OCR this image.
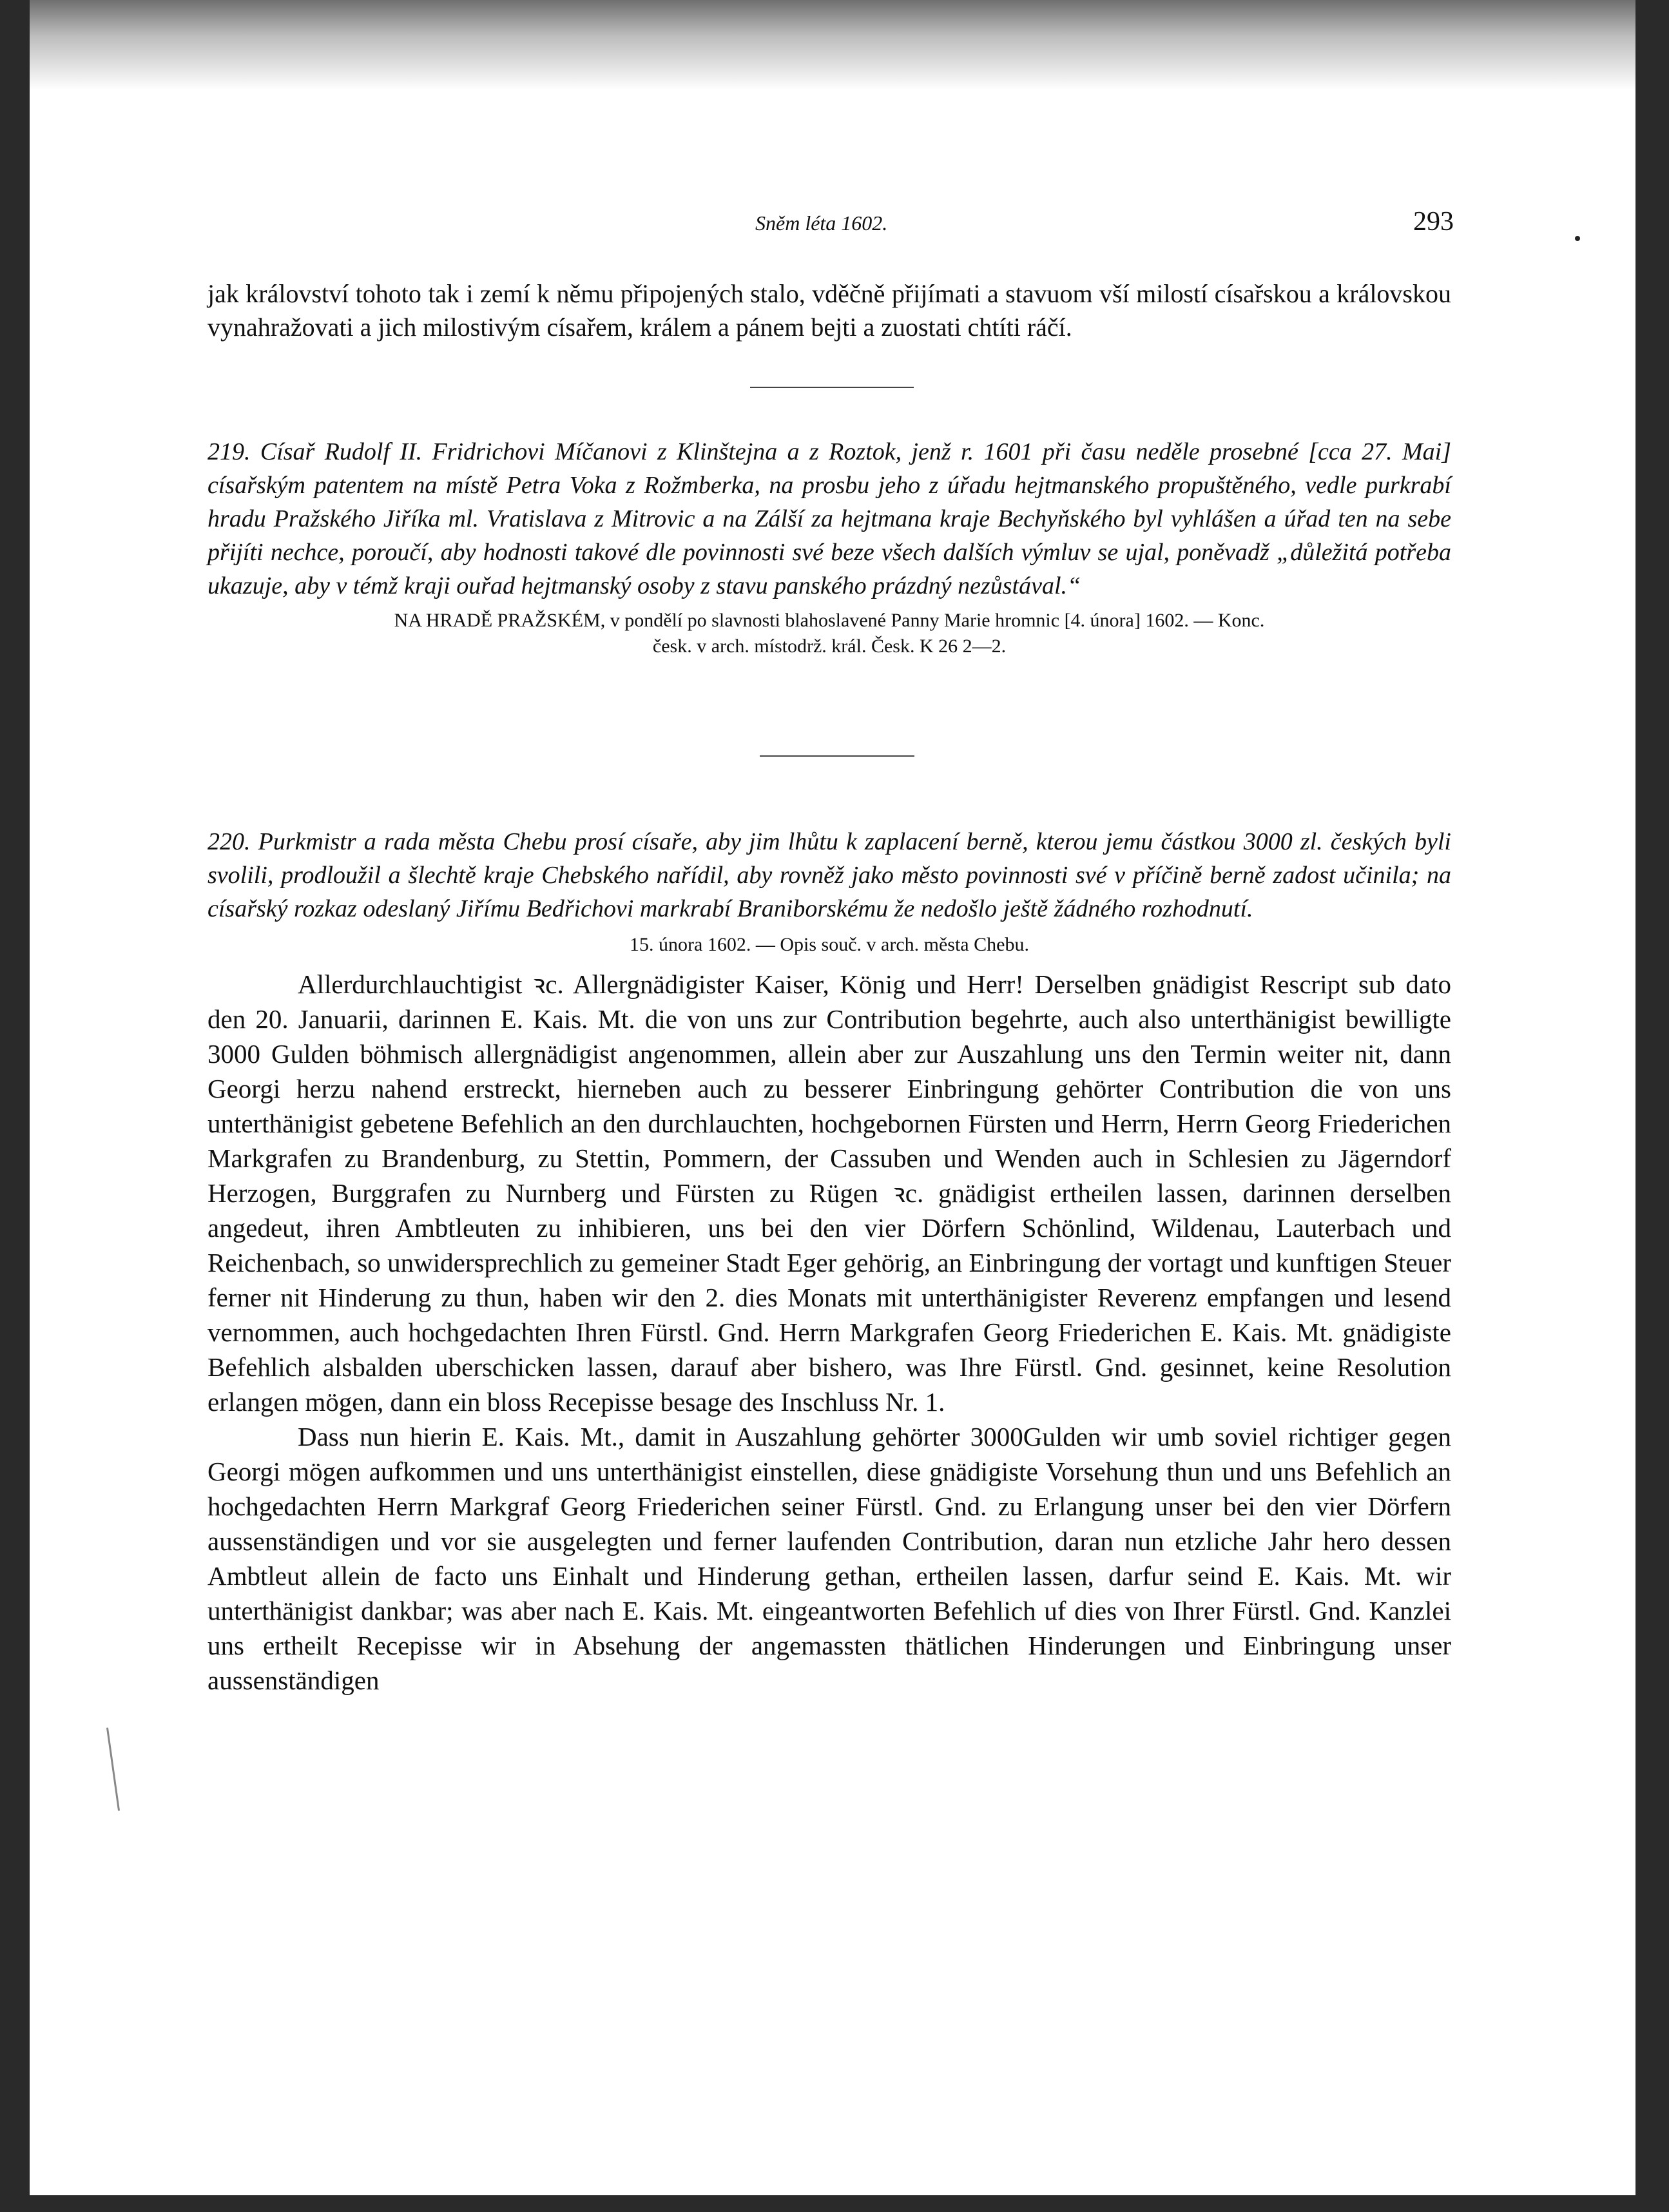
Sněm léta 1602.	293

jak království tohoto tak i zemí k němu připojených stalo, vděčně přijímati a stavuom vší milostí císařskou a královskou vynahražovati a jich milostivým císařem, králem a pánem bejti a zuostati chtíti ráčí.

219. Císař Rudolf II. Fridrichovi Míčanovi z Klinštejna a z Roztok, jenž r. 1601 při času neděle prosebné [cca 27. Mai] císařským patentem na místě Petra Voka z Rožmberka, na prosbu jeho z úřadu hejtmanského propuštěného, vedle purkrabí hradu Pražského Jiříka ml. Vratislava z Mitrovic a na Zálší za hejtmana kraje Bechyňského byl vyhlášen a úřad ten na sebe přijíti nechce, poroučí, aby hodnosti takové dle povinnosti své beze všech dalších výmluv se ujal, poněvadž „důležitá potřeba ukazuje, aby v témž kraji ouřad hejtmanský osoby z stavu panského prázdný nezůstával.“

NA HRADĚ PRAŽSKÉM, v pondělí po slavnosti blahoslavené Panny Marie hromnic [4. února] 1602. — Konc.

česk. v arch. místodrž. král. Česk. K 26 2—2.

220. Purkmistr a rada města Chebu prosí císaře, aby jim lhůtu k zaplacení berně, kterou jemu částkou 3000 zl. českých byli svolili, prodloužil a šlechtě kraje Chebského nařídil, aby rovněž jako město povinnosti své v příčině berně zadost učinila; na císařský rozkaz odeslaný Jiřímu Bedřichovi markrabí Braniborskému že nedošlo ještě žádného rozhodnutí.

15. února 1602. — Opis souč. v arch. města Chebu.

Allerdurchlauchtigist ꝛc. Allergnädigister Kaiser, König und Herr! Derselben gnädigist Rescript sub dato den 20. Januarii, darinnen E. Kais. Mt. die von uns zur Contribution begehrte, auch also unterthänigist bewilligte 3000 Gulden böhmisch allergnädigist angenommen, allein aber zur Auszahlung uns den Termin weiter nit, dann Georgi herzu nahend erstreckt, hierneben auch zu besserer Einbringung gehörter Contribution die von uns unterthänigist gebetene Befehlich an den durchlauchten, hochgebornen Fürsten und Herrn, Herrn Georg Friederichen Markgrafen zu Brandenburg, zu Stettin, Pommern, der Cassuben und Wenden auch in Schlesien zu Jägerndorf Herzogen, Burggrafen zu Nurnberg und Fürsten zu Rügen ꝛc. gnädigist ertheilen lassen, darinnen derselben angedeut, ihren Ambtleuten zu inhibieren, uns bei den vier Dörfern Schönlind, Wildenau, Lauterbach und Reichenbach, so unwidersprechlich zu gemeiner Stadt Eger gehörig, an Einbringung der vortagt und kunftigen Steuer ferner nit Hinderung zu thun, haben wir den 2. dies Monats mit unterthänigister Reverenz empfangen und lesend vernommen, auch hochgedachten Ihren Fürstl. Gnd. Herrn Markgrafen Georg Friederichen E. Kais. Mt. gnädigiste Befehlich alsbalden uberschicken lassen, darauf aber bishero, was Ihre Fürstl. Gnd. gesinnet, keine Resolution erlangen mögen, dann ein bloss Recepisse besage des Inschluss Nr. 1.

Dass nun hierin E. Kais. Mt., damit in Auszahlung gehörter 3000Gulden wir umb soviel richtiger gegen Georgi mögen aufkommen und uns unterthänigist einstellen, diese gnädigiste Vorsehung thun und uns Befehlich an hochgedachten Herrn Markgraf Georg Friederichen seiner Fürstl. Gnd. zu Erlangung unser bei den vier Dörfern aussenständigen und vor sie ausgelegten und ferner laufenden Contribution, daran nun etzliche Jahr hero dessen Ambtleut allein de facto uns Einhalt und Hinderung gethan, ertheilen lassen, darfur seind E. Kais. Mt. wir unterthänigist dankbar; was aber nach E. Kais. Mt. eingeantworten Befehlich uf dies von Ihrer Fürstl. Gnd. Kanzlei uns ertheilt Recepisse wir in Absehung der angemassten thätlichen Hinderungen und Einbringung unser aussenständigen
